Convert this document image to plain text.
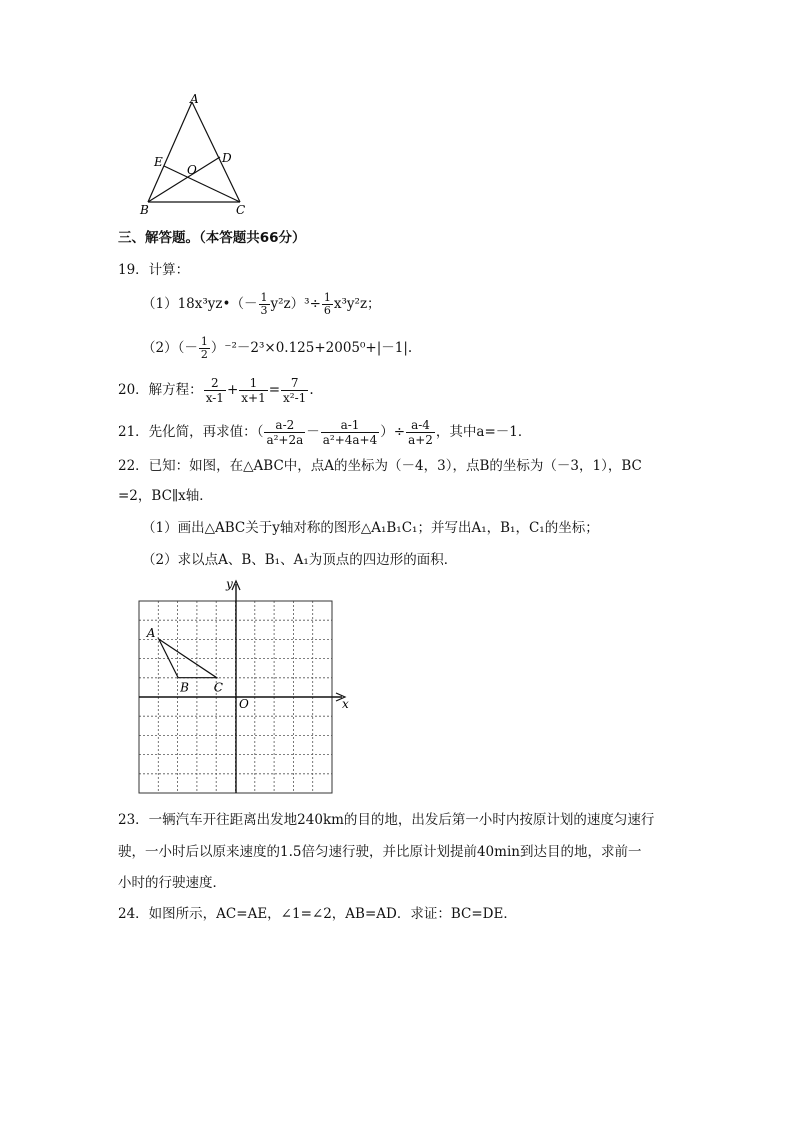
A
E	D
O
B	C
三、解答题。（本答题共66分）
19．计算：
（1）18x³yz•（－ $\frac{1}{3} y^2z)^3\div \frac{1}{6} x^3y^2z$；
$(2)(- \frac{1}{2} )^{-2}-2^3\times 0.125+2005^0+|-1|$.
20．解方程： $\frac{2}{x-1} + \frac{1}{x+1} = \frac{7}{\text{x²-1}}$ .
21．先化简，再求值：（ $\frac{a-2}{\text{a²+2a}} - \frac{a-1}{\text{a²+4a+4}}$ ）÷ $\frac{a-4}{a+2}$ ，其中a=－1．
22．已知：如图，在△ABC中，点A的坐标为（－4，3），点B的坐标为（－3，1），BC
=2，BC∥x轴．
（1）画出△ABC关于y轴对称的图形△A₁B₁C₁；并写出A₁，B₁，C₁的坐标；
（2）求以点A、B、B₁、A₁为顶点的四边形的面积．
y
x
O
A
B C
23．一辆汽车开往距离出发地240km的目的地，出发后第一小时内按原计划的速度匀速行
驶，一小时后以原来速度的1.5倍匀速行驶，并比原计划提前40min到达目的地，求前一
小时的行驶速度．
24．如图所示，AC=AE，∠1=∠2，AB=AD．求证：BC=DE．
